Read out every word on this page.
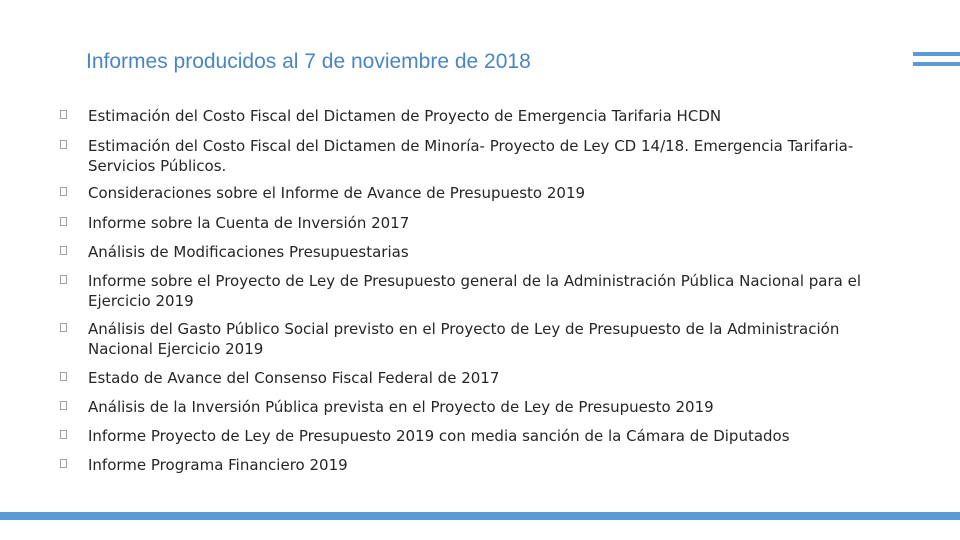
Informes producidos al 7 de noviembre de 2018
Estimación del Costo Fiscal del Dictamen de Proyecto de Emergencia Tarifaria HCDN
Estimación del Costo Fiscal del Dictamen de Minoría- Proyecto de Ley CD 14/18. Emergencia Tarifaria- Servicios Públicos.
Consideraciones sobre el Informe de Avance de Presupuesto 2019
Informe sobre la Cuenta de Inversión 2017
Análisis de Modificaciones Presupuestarias
Informe sobre el Proyecto de Ley de Presupuesto general de la Administración Pública Nacional para el Ejercicio 2019
Análisis del Gasto Público Social previsto en el Proyecto de Ley de Presupuesto de la Administración Nacional Ejercicio 2019
Estado de Avance del Consenso Fiscal Federal de 2017
Análisis de la Inversión Pública prevista en el Proyecto de Ley de Presupuesto 2019
Informe Proyecto de Ley de Presupuesto 2019 con media sanción de la Cámara de Diputados
Informe Programa Financiero 2019
